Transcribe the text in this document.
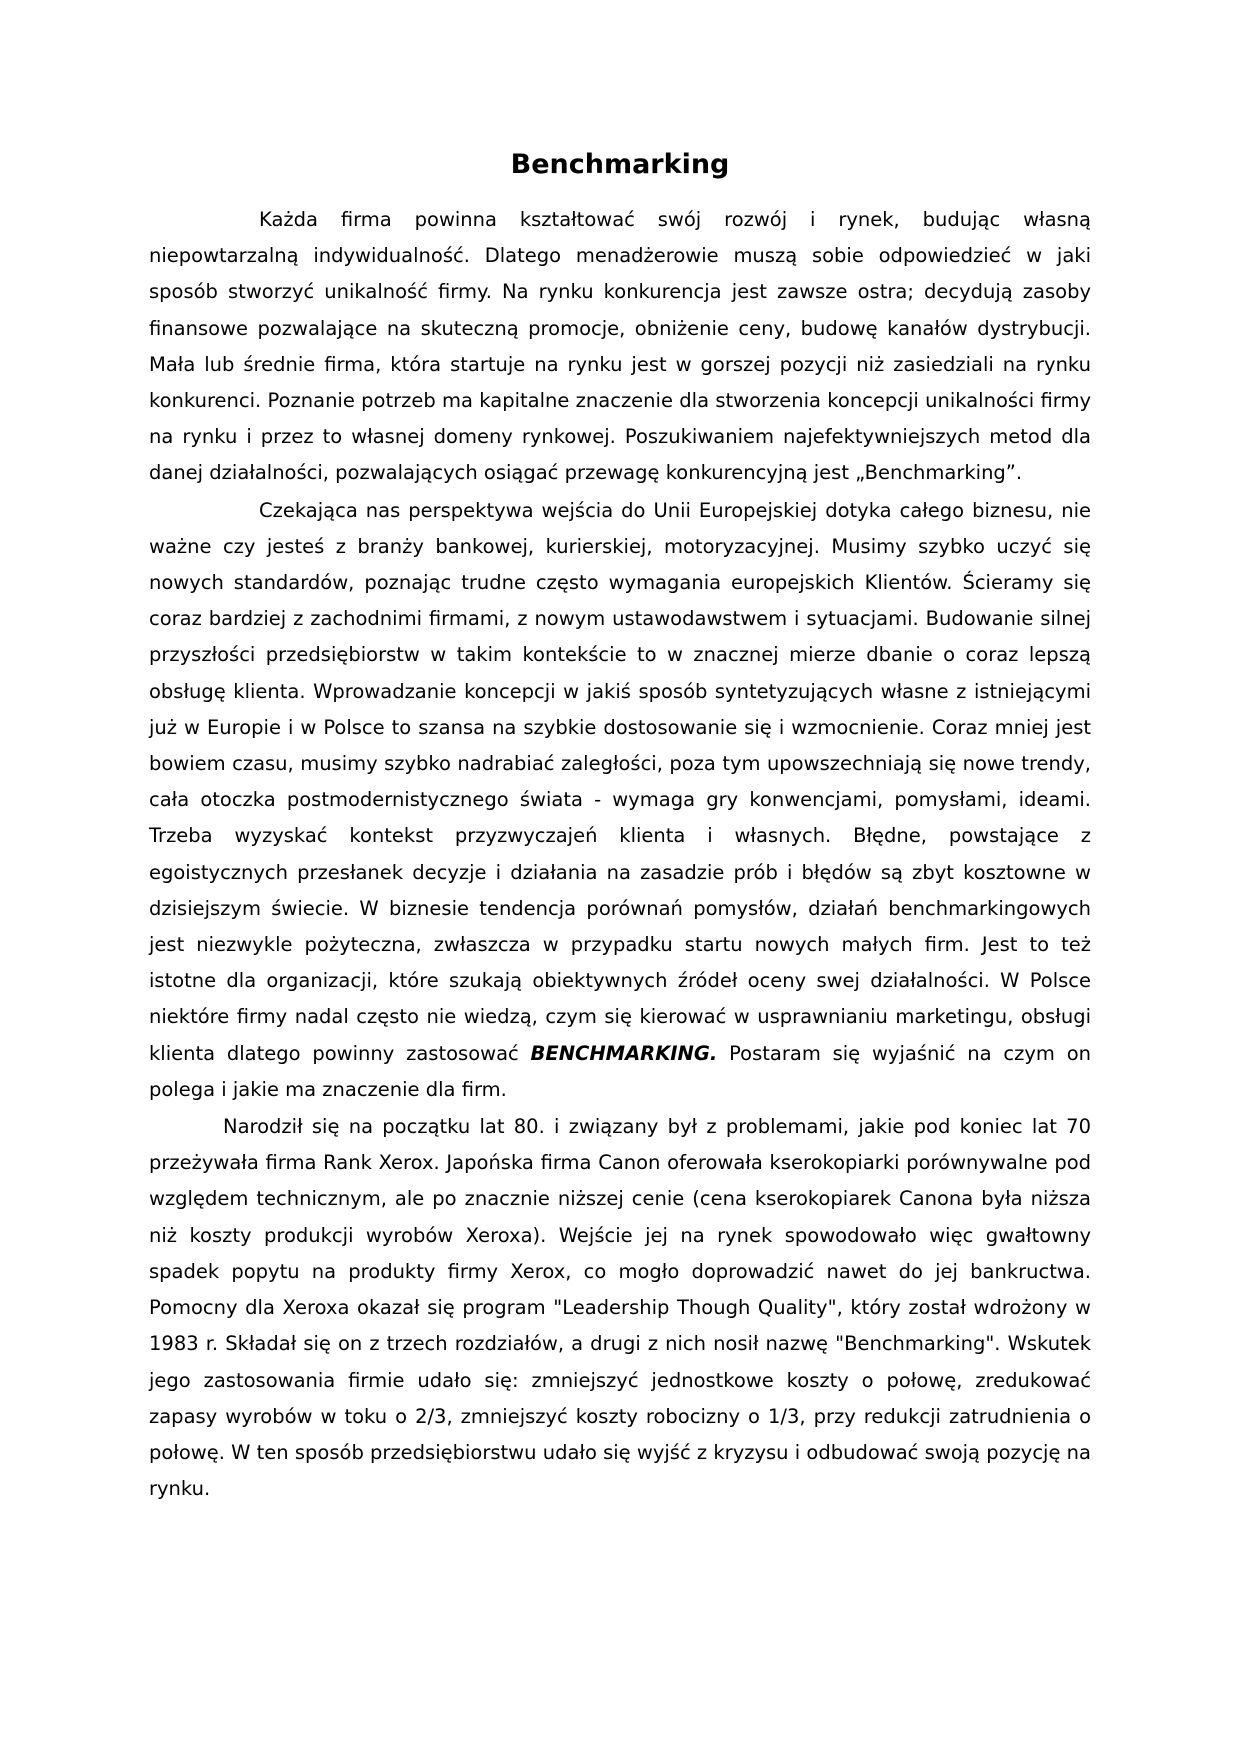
Benchmarking

Każda firma powinna kształtować swój rozwój i rynek, budując własną niepowtarzalną indywidualność. Dlatego menadżerowie muszą sobie odpowiedzieć w jaki sposób stworzyć unikalność firmy. Na rynku konkurencja jest zawsze ostra; decydują zasoby finansowe pozwalające na skuteczną promocje, obniżenie ceny, budowę kanałów dystrybucji. Mała lub średnie firma, która startuje na rynku jest w gorszej pozycji niż zasiedziali na rynku konkurenci. Poznanie potrzeb ma kapitalne znaczenie dla stworzenia koncepcji unikalności firmy na rynku i przez to własnej domeny rynkowej. Poszukiwaniem najefektywniejszych metod dla danej działalności, pozwalających osiągać przewagę konkurencyjną jest „Benchmarking”.

Czekająca nas perspektywa wejścia do Unii Europejskiej dotyka całego biznesu, nie ważne czy jesteś z branży bankowej, kurierskiej, motoryzacyjnej. Musimy szybko uczyć się nowych standardów, poznając trudne często wymagania europejskich Klientów. Ścieramy się coraz bardziej z zachodnimi firmami, z nowym ustawodawstwem i sytuacjami. Budowanie silnej przyszłości przedsiębiorstw w takim kontekście to w znacznej mierze dbanie o coraz lepszą obsługę klienta. Wprowadzanie koncepcji w jakiś sposób syntetyzujących własne z istniejącymi już w Europie i w Polsce to szansa na szybkie dostosowanie się i wzmocnienie. Coraz mniej jest bowiem czasu, musimy szybko nadrabiać zaległości, poza tym upowszechniają się nowe trendy, cała otoczka postmodernistycznego świata - wymaga gry konwencjami, pomysłami, ideami. Trzeba wyzyskać kontekst przyzwyczajeń klienta i własnych. Błędne, powstające z egoistycznych przesłanek decyzje i działania na zasadzie prób i błędów są zbyt kosztowne w dzisiejszym świecie. W biznesie tendencja porównań pomysłów, działań benchmarkingowych jest niezwykle pożyteczna, zwłaszcza w przypadku startu nowych małych firm. Jest to też istotne dla organizacji, które szukają obiektywnych źródeł oceny swej działalności. W Polsce niektóre firmy nadal często nie wiedzą, czym się kierować w usprawnianiu marketingu, obsługi klienta dlatego powinny zastosować BENCHMARKING. Postaram się wyjaśnić na czym on polega i jakie ma znaczenie dla firm.

Narodził się na początku lat 80. i związany był z problemami, jakie pod koniec lat 70 przeżywała firma Rank Xerox. Japońska firma Canon oferowała kserokopiarki porównywalne pod względem technicznym, ale po znacznie niższej cenie (cena kserokopiarek Canona była niższa niż koszty produkcji wyrobów Xeroxa). Wejście jej na rynek spowodowało więc gwałtowny spadek popytu na produkty firmy Xerox, co mogło doprowadzić nawet do jej bankructwa. Pomocny dla Xeroxa okazał się program "Leadership Though Quality", który został wdrożony w 1983 r. Składał się on z trzech rozdziałów, a drugi z nich nosił nazwę "Benchmarking". Wskutek jego zastosowania firmie udało się: zmniejszyć jednostkowe koszty o połowę, zredukować zapasy wyrobów w toku o 2/3, zmniejszyć koszty robocizny o 1/3, przy redukcji zatrudnienia o połowę. W ten sposób przedsiębiorstwu udało się wyjść z kryzysu i odbudować swoją pozycję na rynku.
